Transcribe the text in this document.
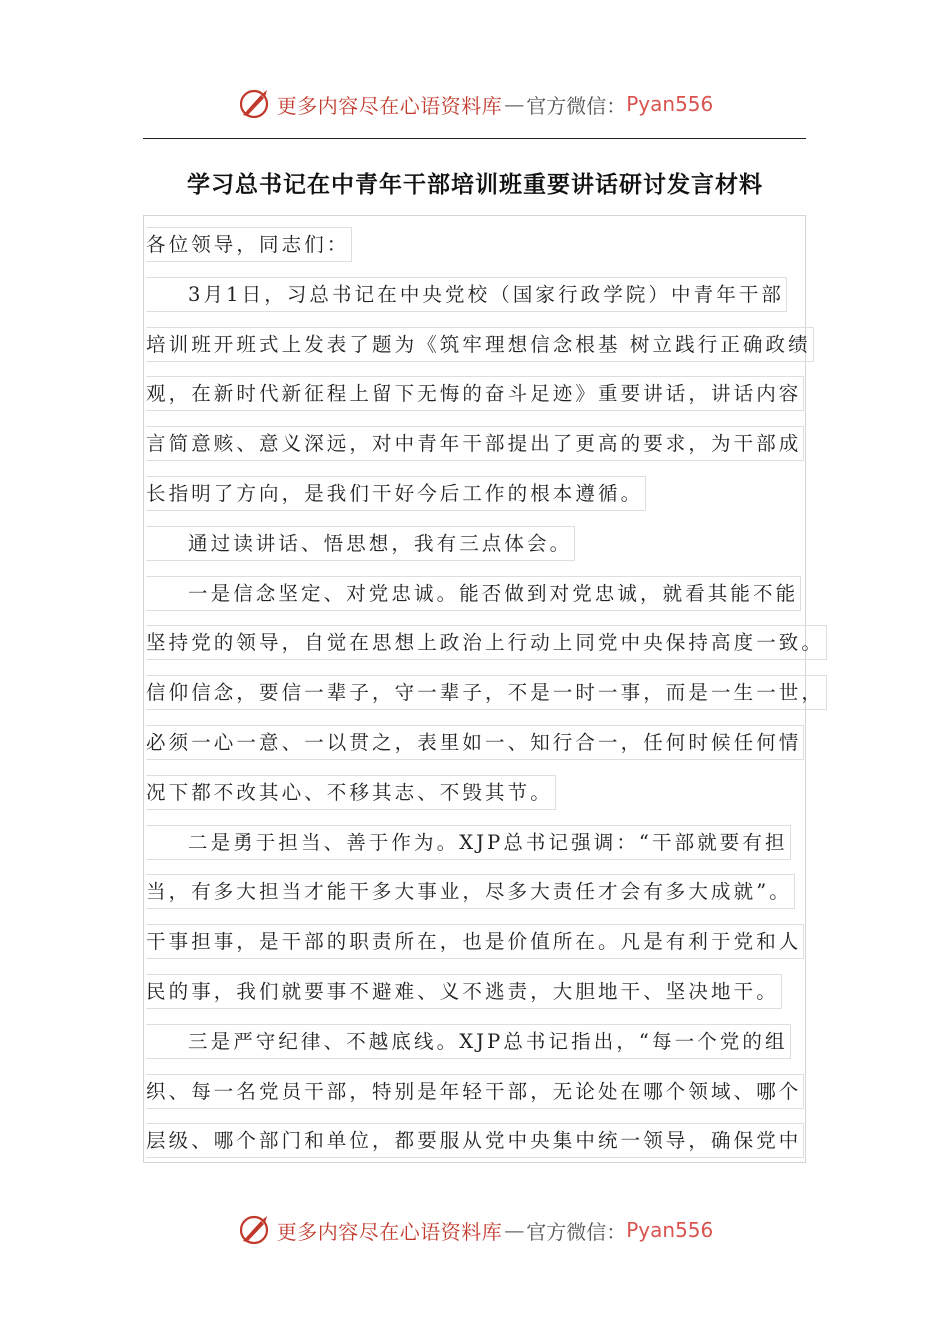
更多内容尽在心语资料库 — 官方微信： Pyan556
学习总书记在中青年干部培训班重要讲话研讨发言材料
各位领导，同志们：
3月1日，习总书记在中央党校（国家行政学院）中青年干部
培训班开班式上发表了题为《筑牢理想信念根基 树立践行正确政绩
观，在新时代新征程上留下无悔的奋斗足迹》重要讲话，讲话内容
言简意赅、意义深远，对中青年干部提出了更高的要求，为干部成
长指明了方向，是我们干好今后工作的根本遵循。
通过读讲话、悟思想，我有三点体会。
一是信念坚定、对党忠诚。能否做到对党忠诚，就看其能不能
坚持党的领导，自觉在思想上政治上行动上同党中央保持高度一致。
信仰信念，要信一辈子，守一辈子，不是一时一事，而是一生一世，
必须一心一意、一以贯之，表里如一、知行合一，任何时候任何情
况下都不改其心、不移其志、不毁其节。
二是勇于担当、善于作为。XJP总书记强调：“干部就要有担
当，有多大担当才能干多大事业，尽多大责任才会有多大成就”。
干事担事，是干部的职责所在，也是价值所在。凡是有利于党和人
民的事，我们就要事不避难、义不逃责，大胆地干、坚决地干。
三是严守纪律、不越底线。XJP总书记指出，“每一个党的组
织、每一名党员干部，特别是年轻干部，无论处在哪个领域、哪个
层级、哪个部门和单位，都要服从党中央集中统一领导，确保党中
更多内容尽在心语资料库 — 官方微信： Pyan556
